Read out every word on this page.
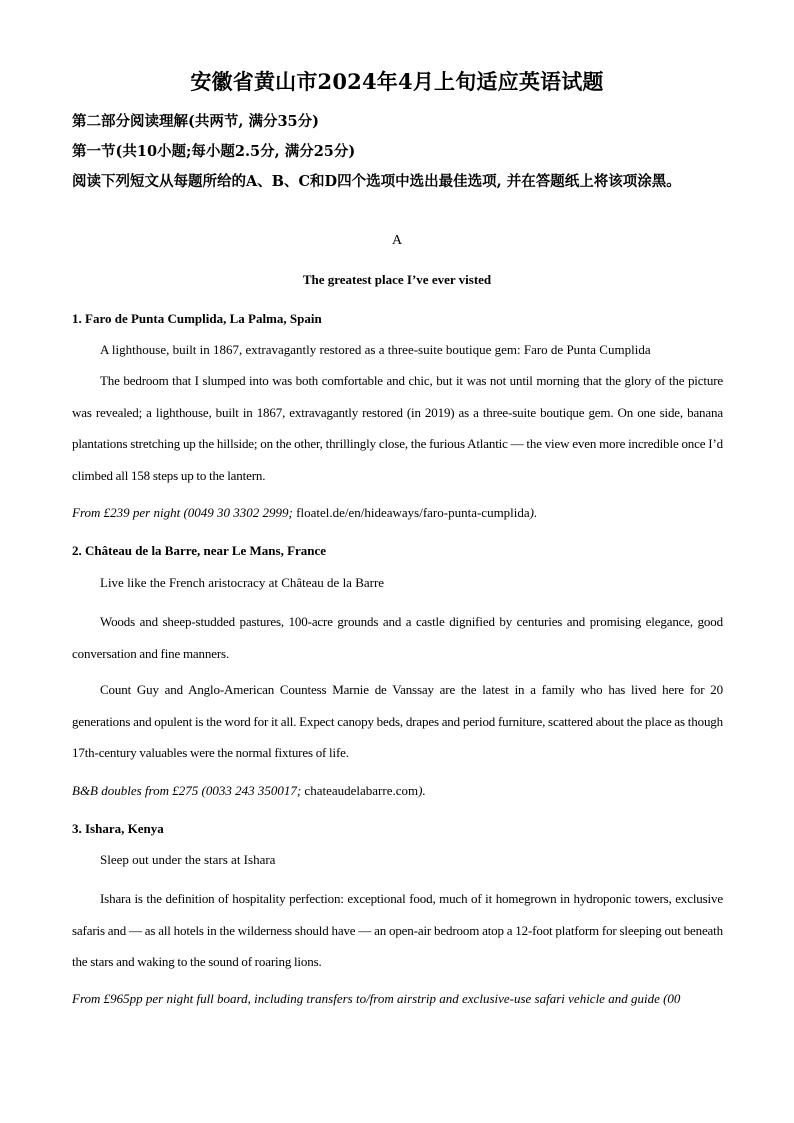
安徽省黄山市2024年4月上旬适应英语试题
第二部分阅读理解(共两节, 满分35分)
第一节(共10小题;每小题2.5分, 满分25分)
阅读下列短文从每题所给的A、B、C和D四个选项中选出最佳选项, 并在答题纸上将该项涂黑。
A
The greatest place I’ve ever visted
1. Faro de Punta Cumplida, La Palma, Spain
A lighthouse, built in 1867, extravagantly restored as a three-suite boutique gem: Faro de Punta Cumplida
The bedroom that I slumped into was both comfortable and chic, but it was not until morning that the glory of the picture was revealed; a lighthouse, built in 1867, extravagantly restored (in 2019) as a three-suite boutique gem. On one side, banana plantations stretching up the hillside; on the other, thrillingly close, the furious Atlantic — the view even more incredible once I’d climbed all 158 steps up to the lantern.
From £239 per night (0049 30 3302 2999; floatel.de/en/hideaways/faro-punta-cumplida).
2. Château de la Barre, near Le Mans, France
Live like the French aristocracy at Château de la Barre
Woods and sheep-studded pastures, 100-acre grounds and a castle dignified by centuries and promising elegance, good conversation and fine manners.
Count Guy and Anglo-American Countess Marnie de Vanssay are the latest in a family who has lived here for 20 generations and opulent is the word for it all. Expect canopy beds, drapes and period furniture, scattered about the place as though 17th-century valuables were the normal fixtures of life.
B&B doubles from £275 (0033 243 350017; chateaudelabarre.com).
3. Ishara, Kenya
Sleep out under the stars at Ishara
Ishara is the definition of hospitality perfection: exceptional food, much of it homegrown in hydroponic towers, exclusive safaris and — as all hotels in the wilderness should have — an open-air bedroom atop a 12-foot platform for sleeping out beneath the stars and waking to the sound of roaring lions.
From £965pp per night full board, including transfers to/from airstrip and exclusive-use safari vehicle and guide (00
